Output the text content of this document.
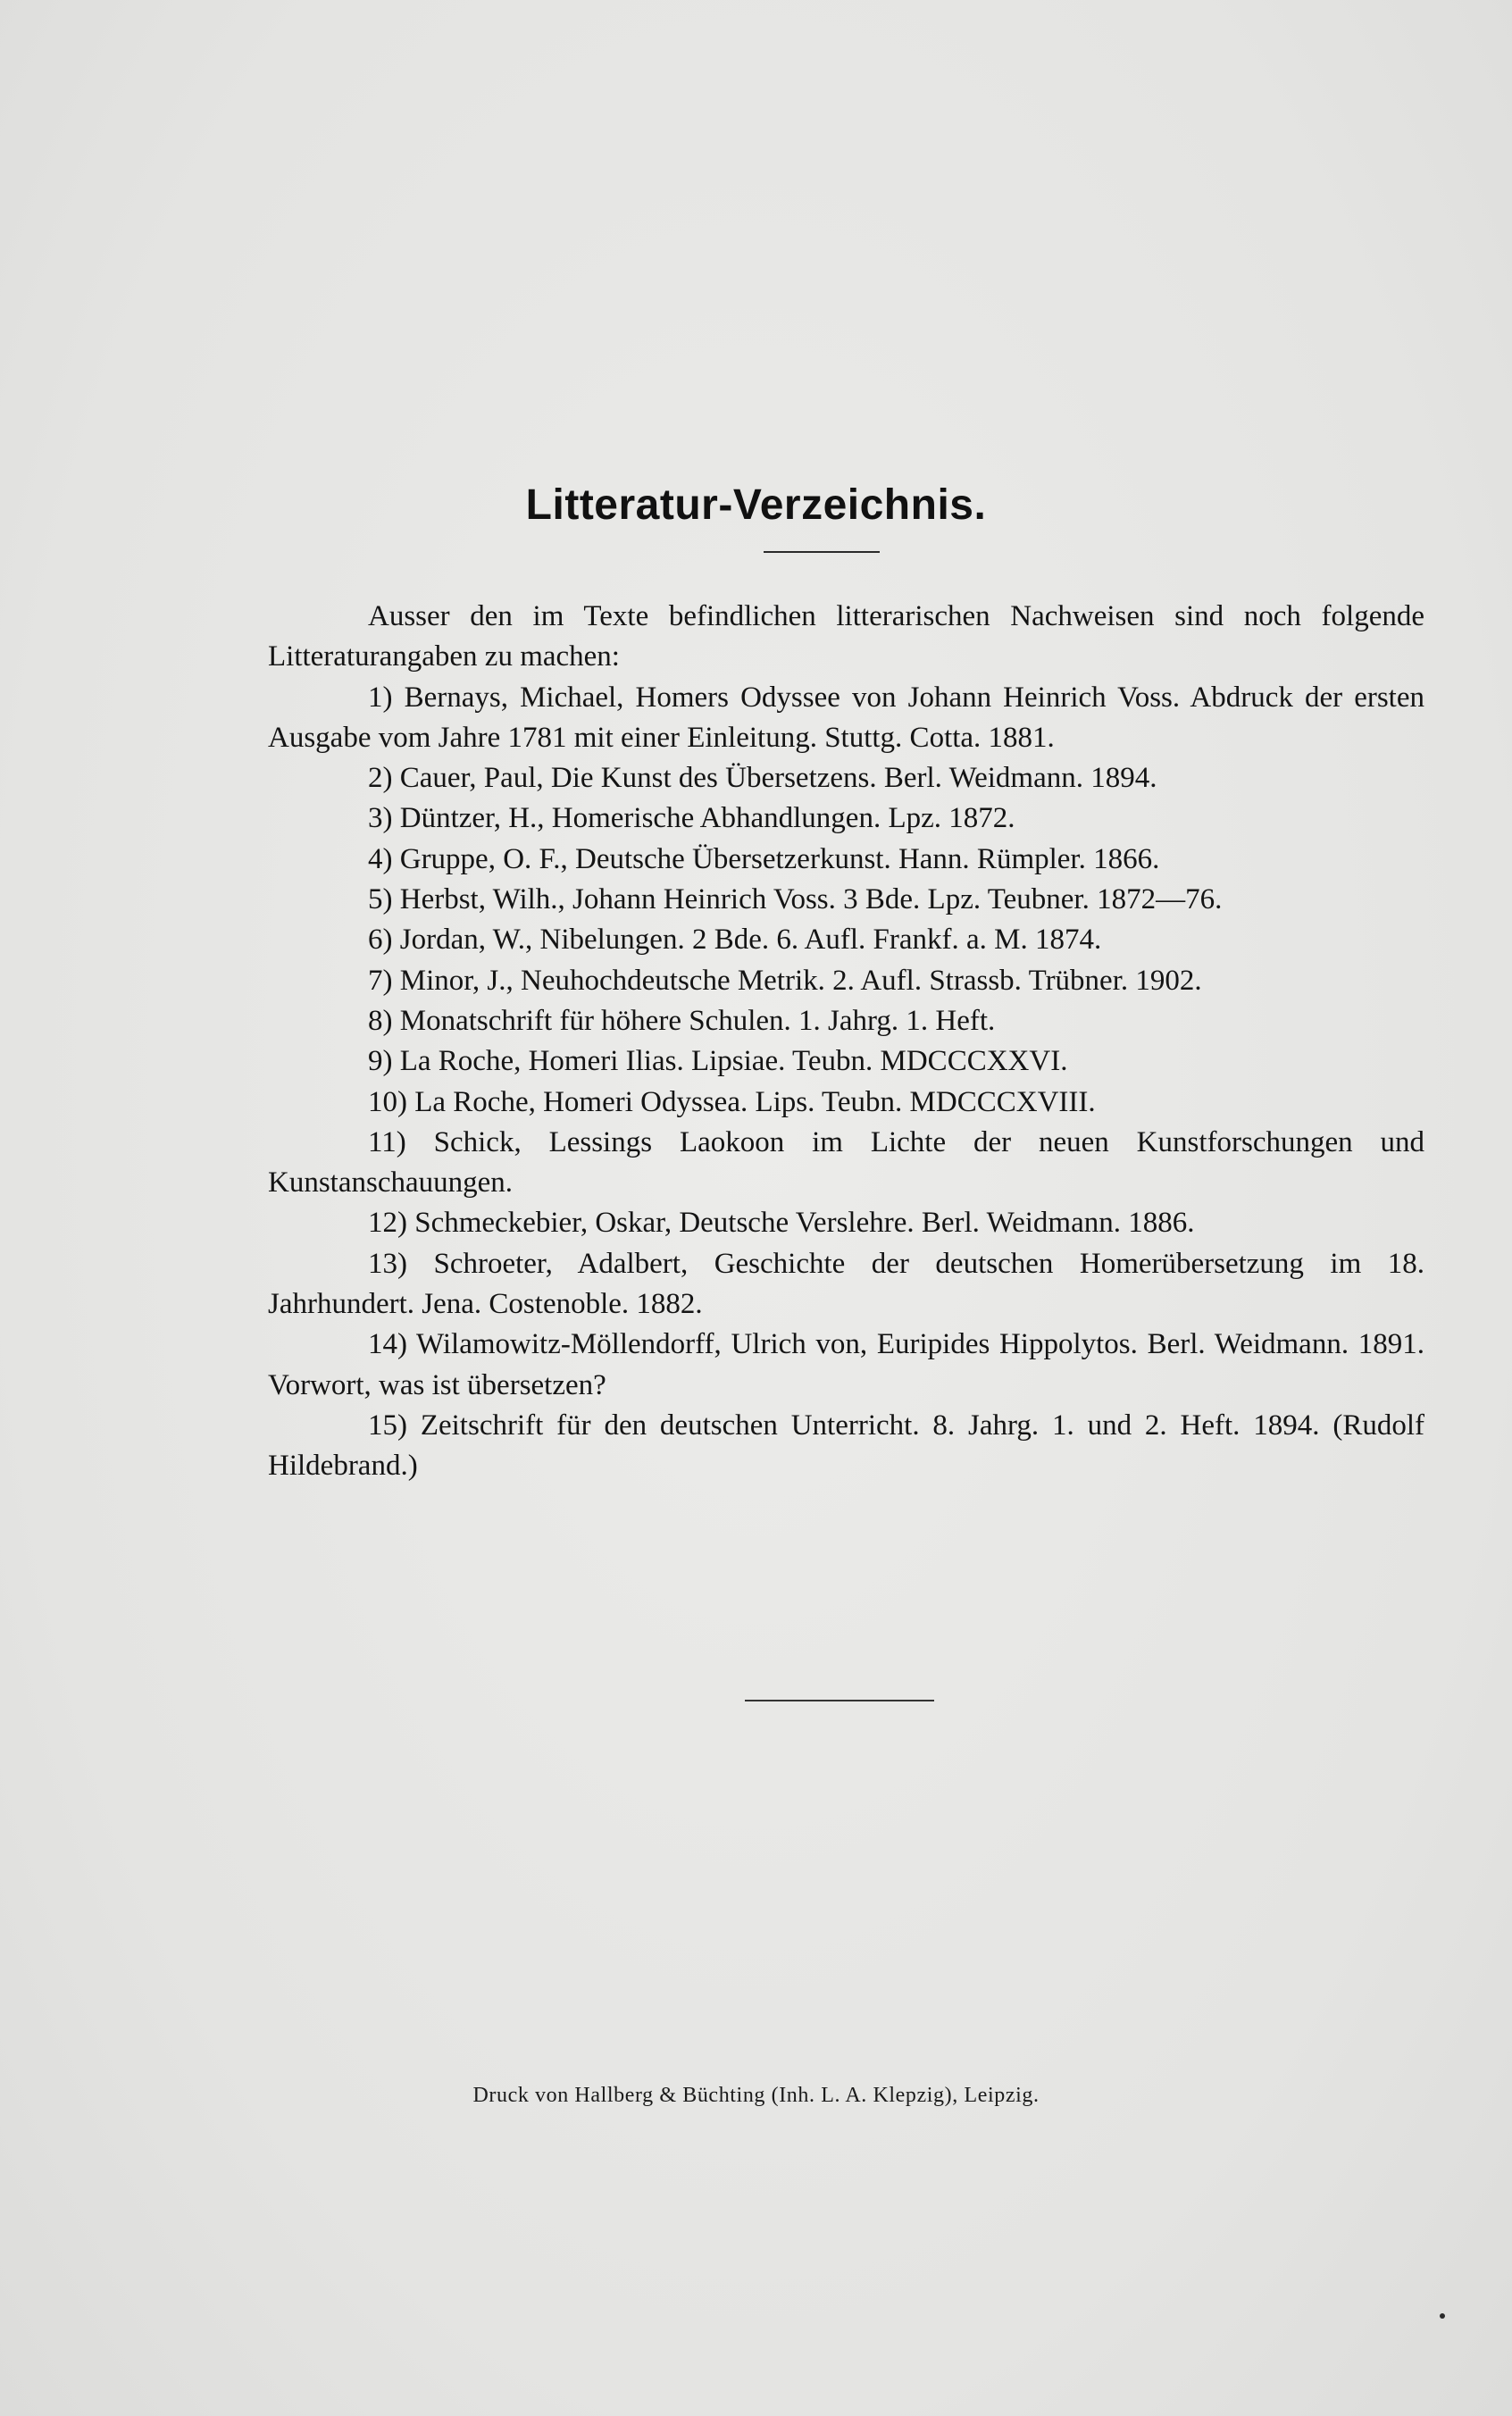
Litteratur-Verzeichnis.

Ausser den im Texte befindlichen litterarischen Nachweisen sind noch folgende Litteraturangaben zu machen:

1) Bernays, Michael, Homers Odyssee von Johann Heinrich Voss. Abdruck der ersten Ausgabe vom Jahre 1781 mit einer Einleitung. Stuttg. Cotta. 1881.
2) Cauer, Paul, Die Kunst des Übersetzens. Berl. Weidmann. 1894.
3) Düntzer, H., Homerische Abhandlungen. Lpz. 1872.
4) Gruppe, O. F., Deutsche Übersetzerkunst. Hann. Rümpler. 1866.
5) Herbst, Wilh., Johann Heinrich Voss. 3 Bde. Lpz. Teubner. 1872—76.
6) Jordan, W., Nibelungen. 2 Bde. 6. Aufl. Frankf. a. M. 1874.
7) Minor, J., Neuhochdeutsche Metrik. 2. Aufl. Strassb. Trübner. 1902.
8) Monatschrift für höhere Schulen. 1. Jahrg. 1. Heft.
9) La Roche, Homeri Ilias. Lipsiae. Teubn. MDCCCXXVI.
10) La Roche, Homeri Odyssea. Lips. Teubn. MDCCCXVIII.
11) Schick, Lessings Laokoon im Lichte der neuen Kunstforschungen und Kunstanschauungen.
12) Schmeckebier, Oskar, Deutsche Verslehre. Berl. Weidmann. 1886.
13) Schroeter, Adalbert, Geschichte der deutschen Homerübersetzung im 18. Jahrhundert. Jena. Costenoble. 1882.
14) Wilamowitz-Möllendorff, Ulrich von, Euripides Hippolytos. Berl. Weidmann. 1891. Vorwort, was ist übersetzen?
15) Zeitschrift für den deutschen Unterricht. 8. Jahrg. 1. und 2. Heft. 1894. (Rudolf Hildebrand.)
Druck von Hallberg & Büchting (Inh. L. A. Klepzig), Leipzig.
